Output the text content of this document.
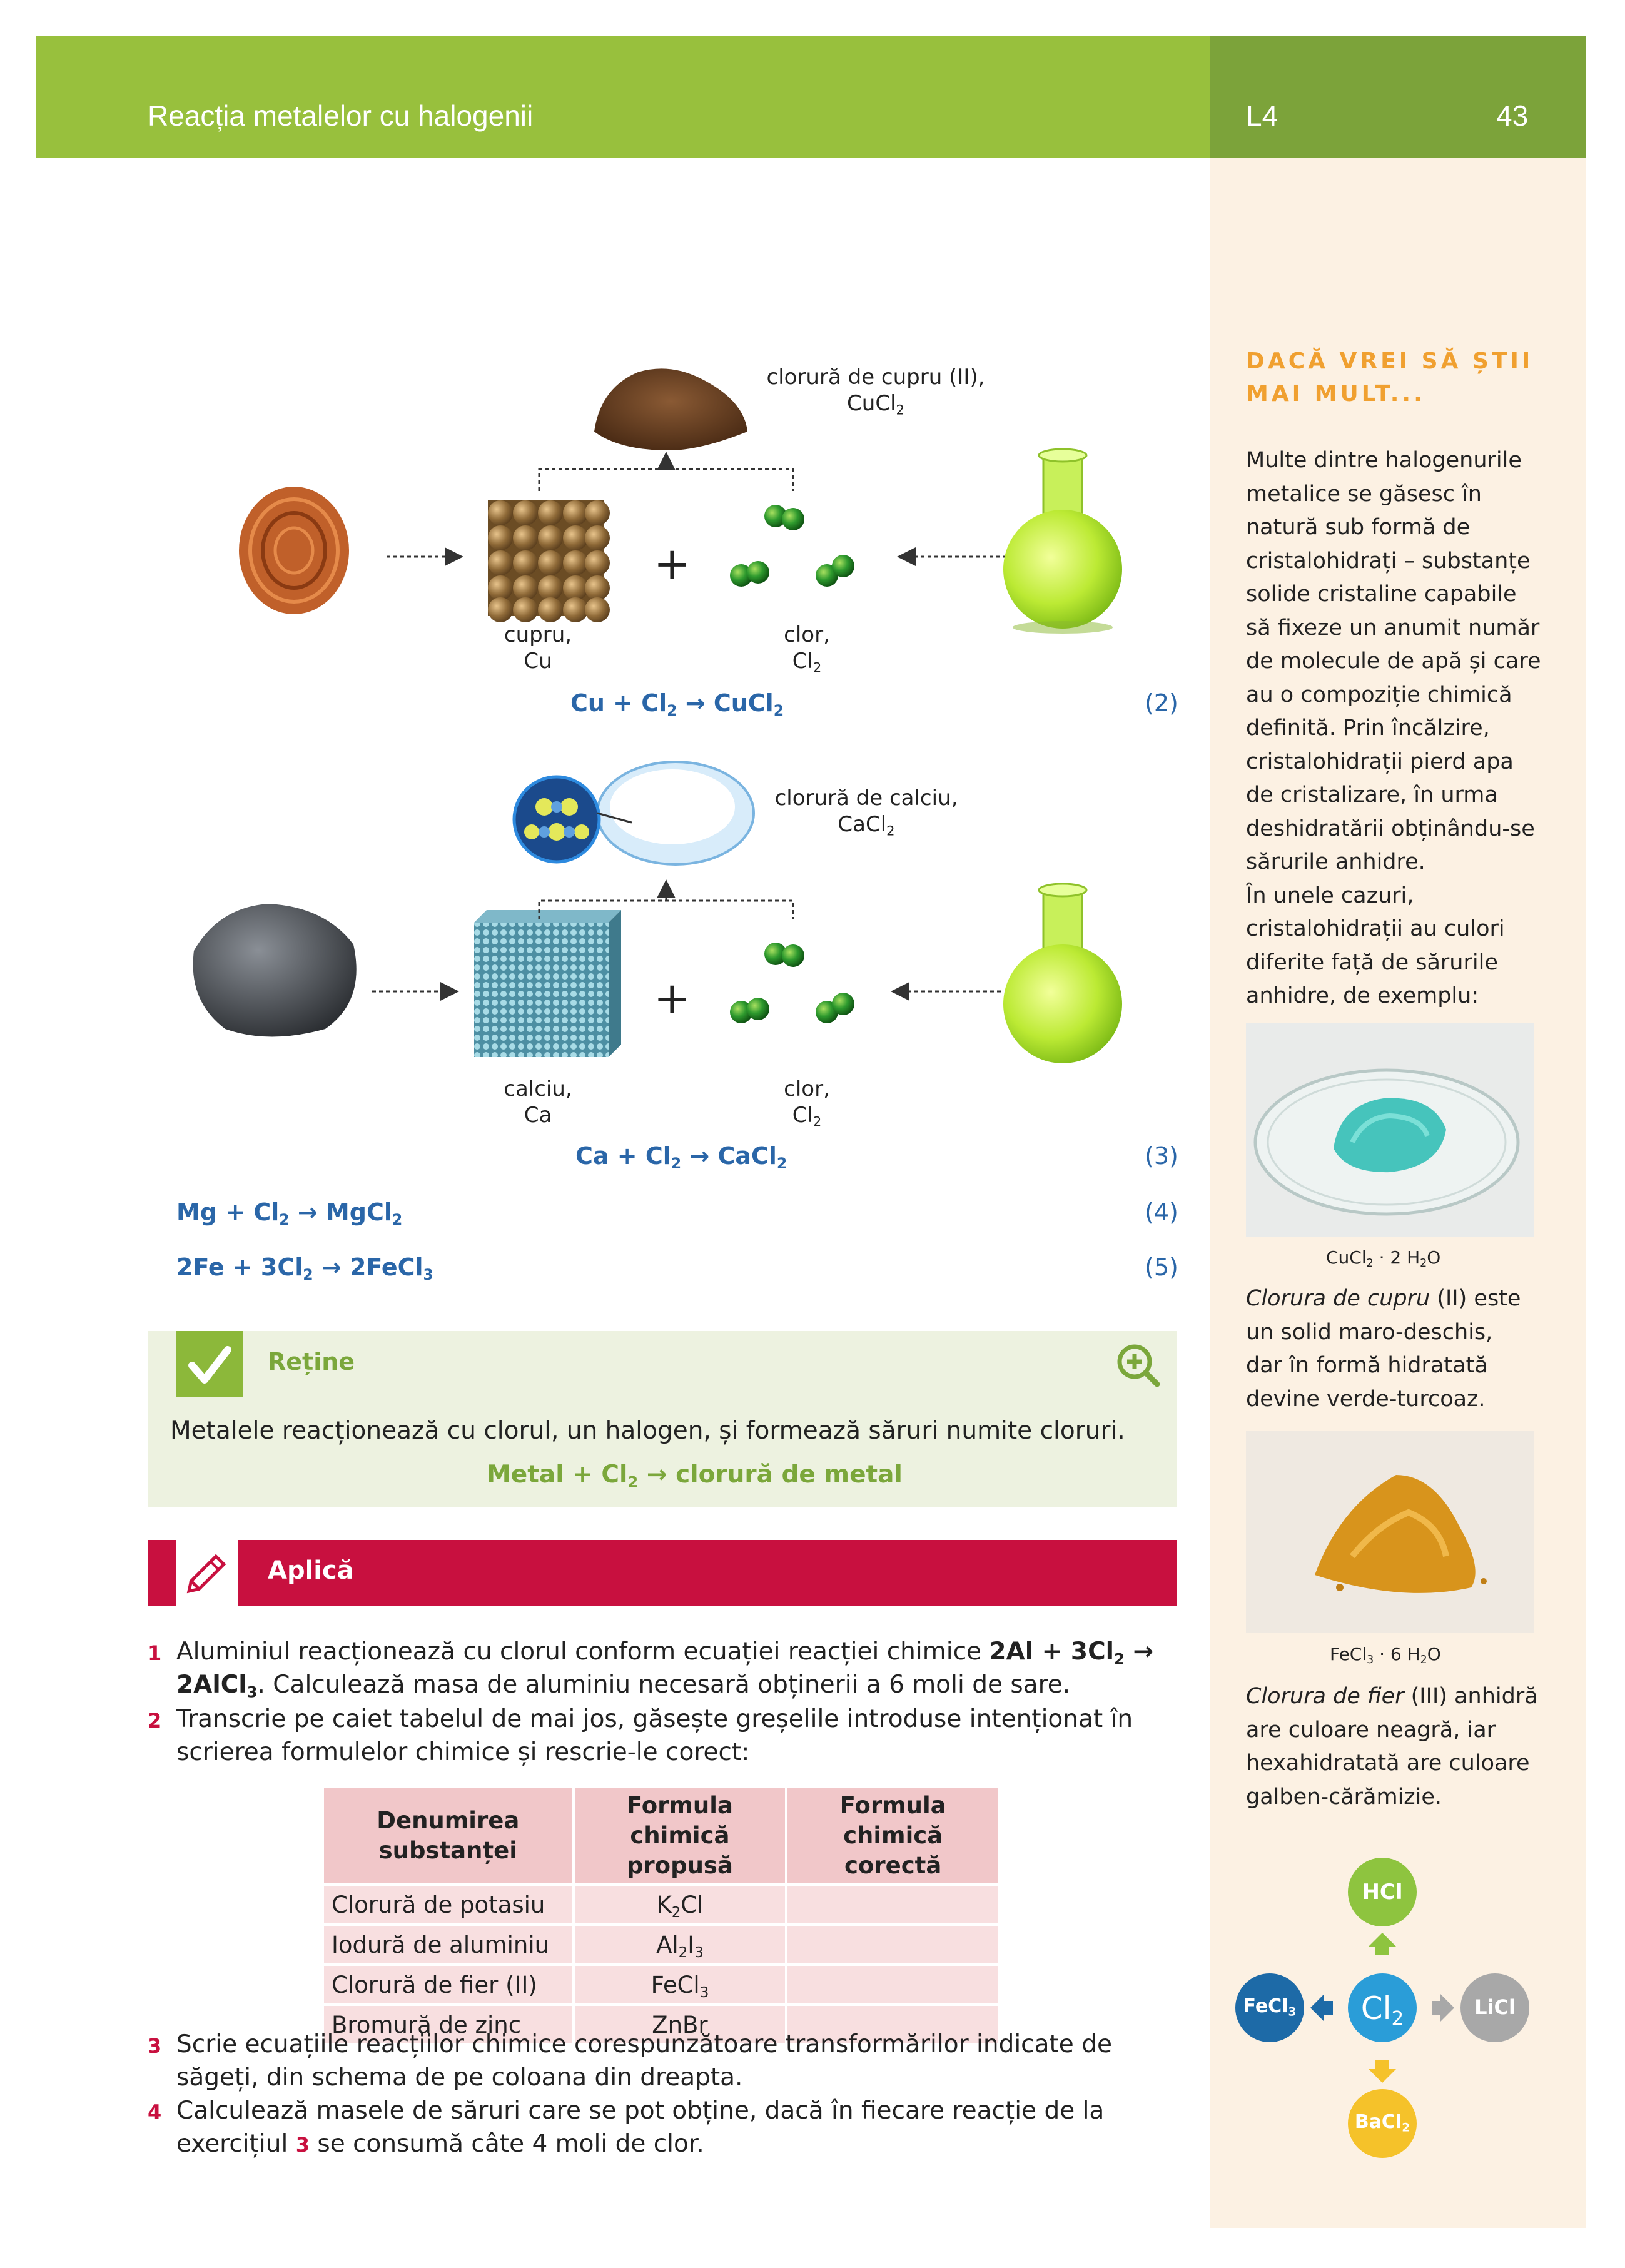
Reacția metalelor cu halogenii	L4	43
clorură de cupru (II),
CuCl$_2$
cupru,
Cu
+
clor,
$Cl_2$
$Cu + Cl_2$ → CuCl$_2$	(2)
clorură de calciu,
CaCl$_2$
+
calciu,
Ca
clor,
$Cl_2$
$Ca + Cl_2$ → CaCl$_2$	(3)
$Mg + Cl_2$ → MgCl$_2$	(4)
$2Fe + 3Cl_2$ → 2FeCl$_3$	(5)
Reține
Metalele reacționează cu clorul, un halogen, și formează săruri numite cloruri.
Metal + $Cl_2$ → clorură de metal
Aplică
1 Aluminiul reacționează cu clorul conform ecuației reacției chimice $2Al + 3Cl_2$ → 2AlCl$_3$. Calculează masa de aluminiu necesară obținerii a 6 moli de sare.
2 Transcrie pe caiet tabelul de mai jos, găsește greșelile introduse intenționat în scrierea formulelor chimice și rescrie-le corect:
Denumirea substanței	Formula chimică propusă	Formula chimică corectă
Clorură de potasiu	$K_2Cl$	
Iodură de aluminiu	$Al_2I_3$	
Clorură de fier (II)	FeCl$_3$	
Bromură de zinc	ZnBr	
3 Scrie ecuațiile reacțiilor chimice corespunzătoare transformărilor indicate de săgeți, din schema de pe coloana din dreapta.
4 Calculează masele de săruri care se pot obține, dacă în fiecare reacție de la exercițiul 3 se consumă câte 4 moli de clor.
DACĂ VREI SĂ ȘTII
MAI MULT...
Multe dintre halogenurile
metalice se găsesc în
natură sub formă de
cristalohidrați – substanțe
solide cristaline capabile
să fixeze un anumit număr
de molecule de apă și care
au o compoziție chimică
definită. Prin încălzire,
cristalohidrații pierd apa
de cristalizare, în urma
deshidratării obținându-se
sărurile anhidre.
În unele cazuri,
cristalohidrații au culori
diferite față de sărurile
anhidre, de exemplu:
CuCl$_2$ · 2 $H_2O$
Clorura de cupru (II) este
un solid maro-deschis,
dar în formă hidratată
devine verde-turcoaz.
FeCl$_3$ · 6 $H_2O$
Clorura de fier (III) anhidră
are culoare neagră, iar
hexahidratată are culoare
galben-cărămizie.
HCl
$Cl_2$
FeCl$_3$	LiCl
BaCl$_2$
